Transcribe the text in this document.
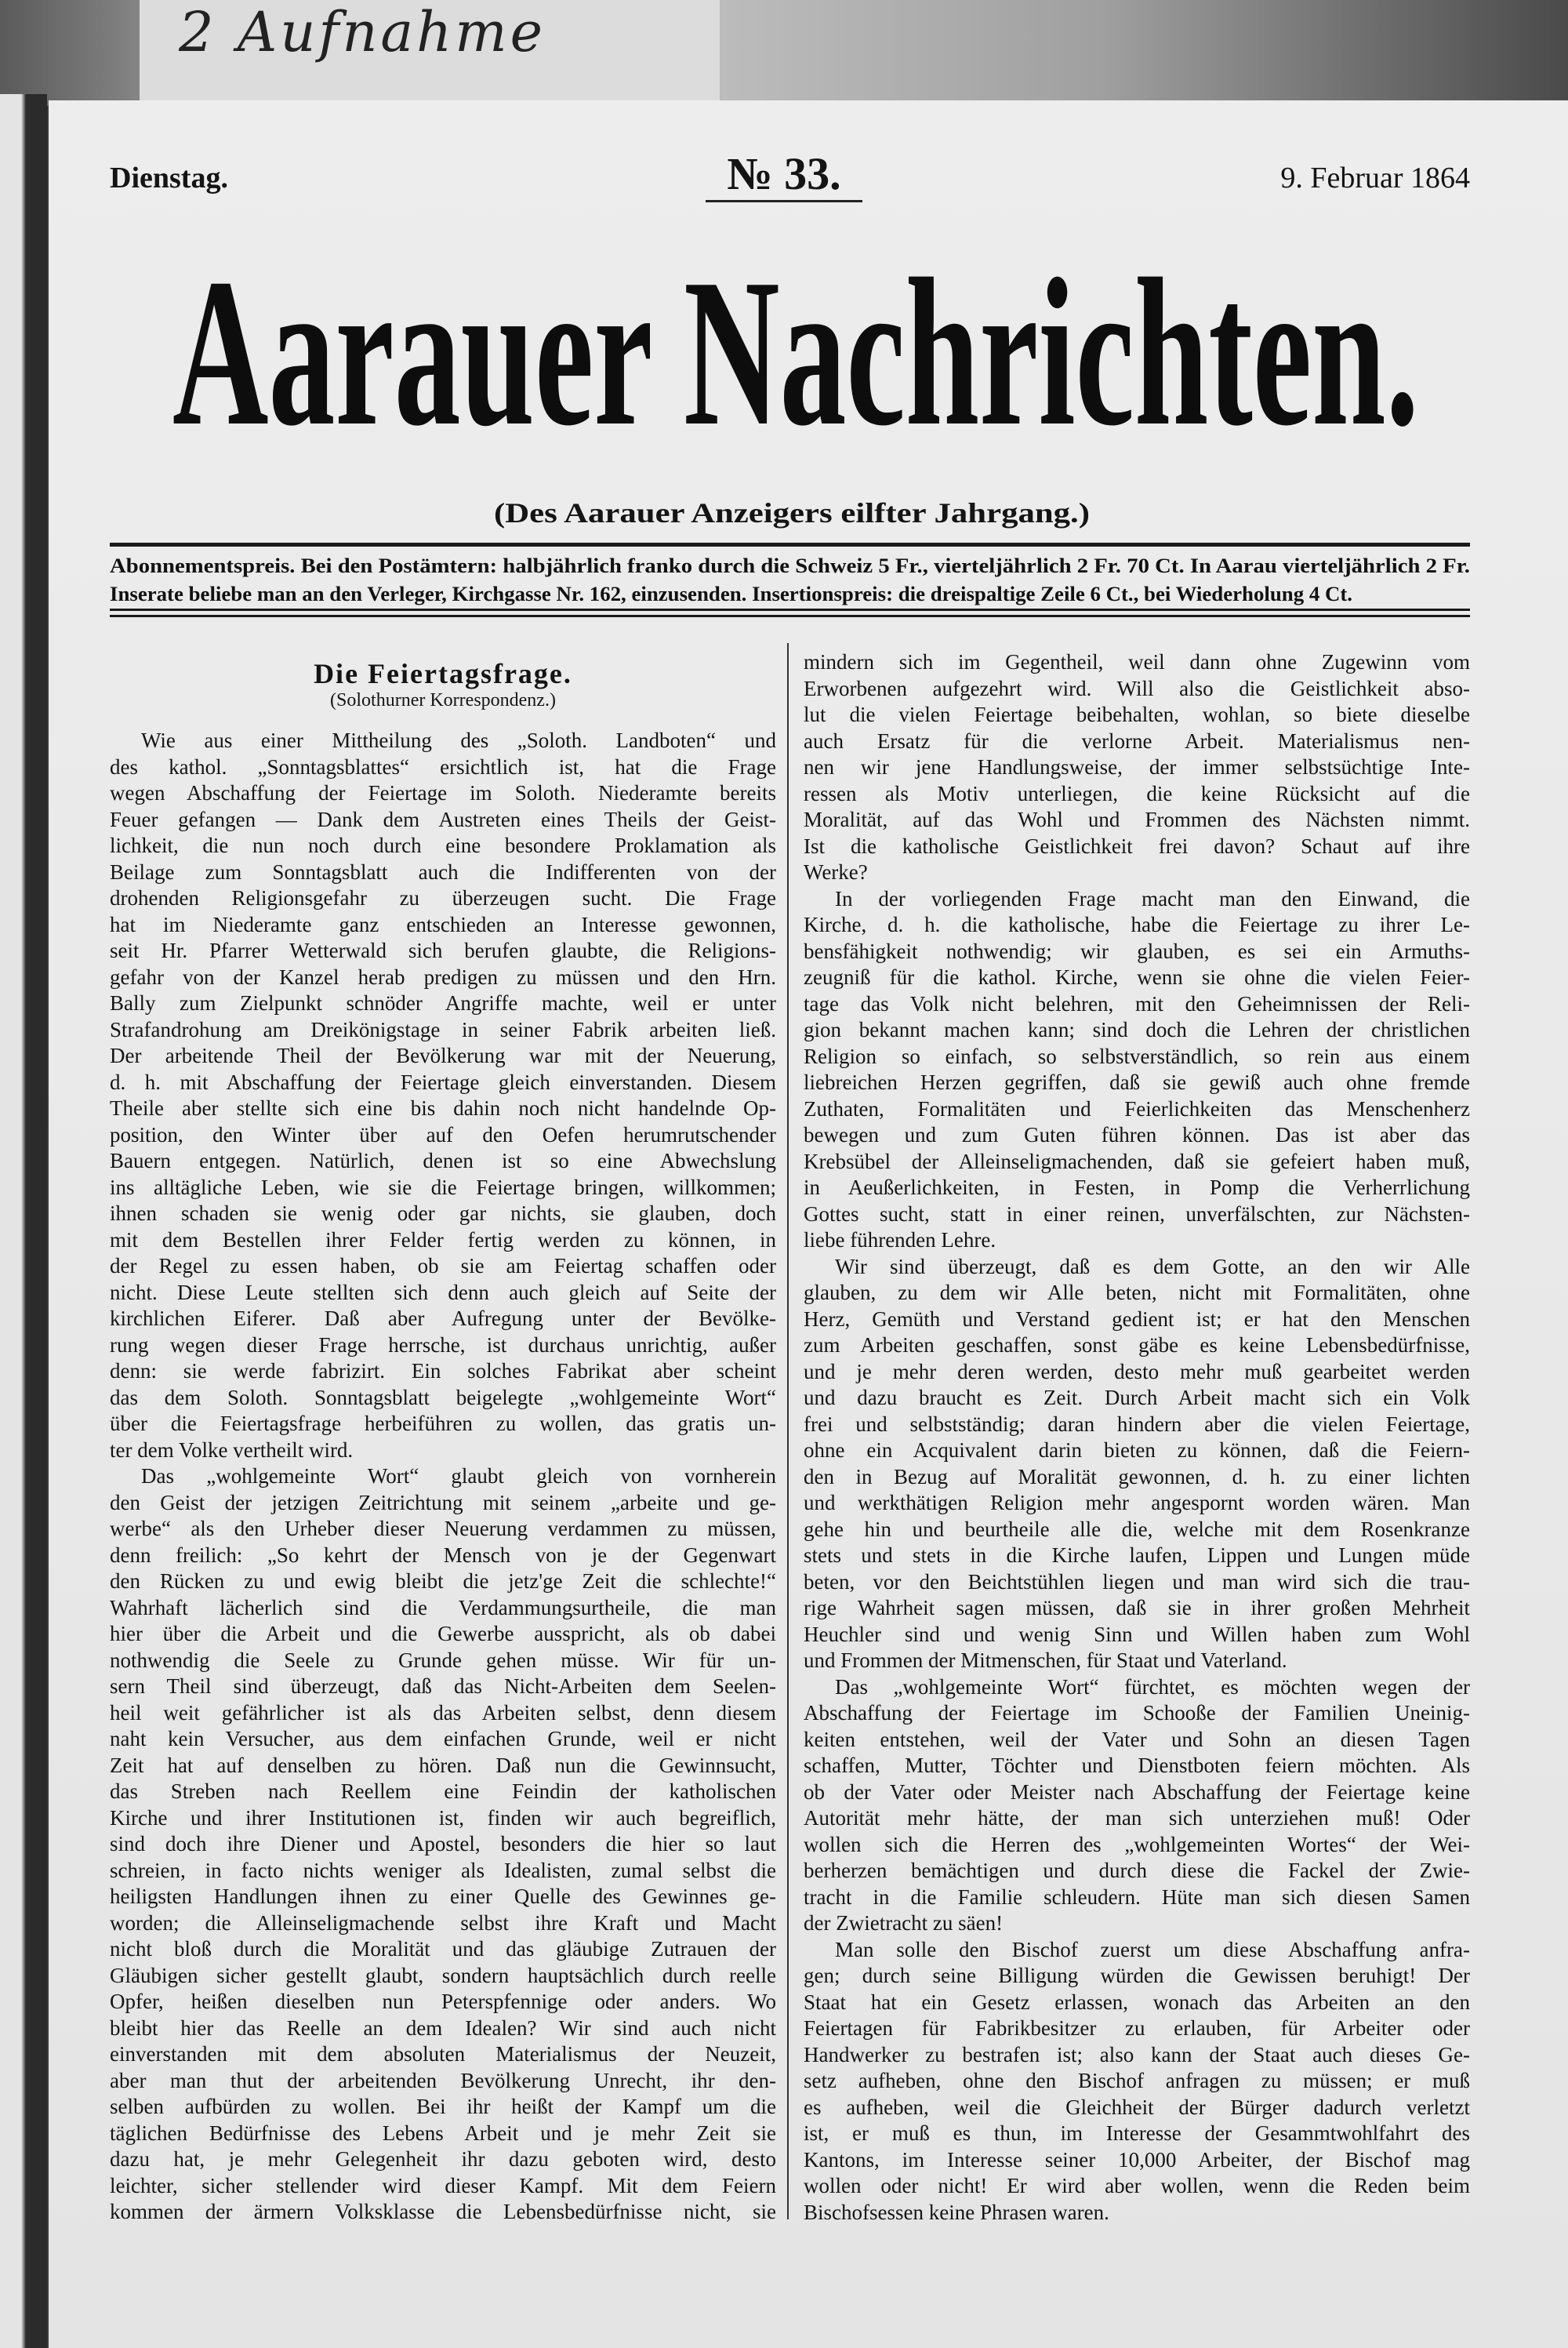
2 Aufnahme
Dienstag.	№ 33.	9. Februar 1864
Aarauer Nachrichten.
(Des Aarauer Anzeigers eilfter Jahrgang.)
Abonnementspreis. Bei den Postämtern: halbjährlich franko durch die Schweiz 5 Fr., vierteljährlich 2 Fr. 70 Ct. In Aarau vierteljährlich 2 Fr.
Inserate beliebe man an den Verleger, Kirchgasse Nr. 162, einzusenden. Insertionspreis: die dreispaltige Zeile 6 Ct., bei Wiederholung 4 Ct.
Die Feiertagsfrage.
(Solothurner Korrespondenz.)
Wie aus einer Mittheilung des „Soloth. Landboten“ und
des kathol. „Sonntagsblattes“ ersichtlich ist, hat die Frage
wegen Abschaffung der Feiertage im Soloth. Niederamte bereits
Feuer gefangen — Dank dem Austreten eines Theils der Geist-
lichkeit, die nun noch durch eine besondere Proklamation als
Beilage zum Sonntagsblatt auch die Indifferenten von der
drohenden Religionsgefahr zu überzeugen sucht. Die Frage
hat im Niederamte ganz entschieden an Interesse gewonnen,
seit Hr. Pfarrer Wetterwald sich berufen glaubte, die Religions-
gefahr von der Kanzel herab predigen zu müssen und den Hrn.
Bally zum Zielpunkt schnöder Angriffe machte, weil er unter
Strafandrohung am Dreikönigstage in seiner Fabrik arbeiten ließ.
Der arbeitende Theil der Bevölkerung war mit der Neuerung,
d. h. mit Abschaffung der Feiertage gleich einverstanden. Diesem
Theile aber stellte sich eine bis dahin noch nicht handelnde Op-
position, den Winter über auf den Oefen herumrutschender
Bauern entgegen. Natürlich, denen ist so eine Abwechslung
ins alltägliche Leben, wie sie die Feiertage bringen, willkommen;
ihnen schaden sie wenig oder gar nichts, sie glauben, doch
mit dem Bestellen ihrer Felder fertig werden zu können, in
der Regel zu essen haben, ob sie am Feiertag schaffen oder
nicht. Diese Leute stellten sich denn auch gleich auf Seite der
kirchlichen Eiferer. Daß aber Aufregung unter der Bevölke-
rung wegen dieser Frage herrsche, ist durchaus unrichtig, außer
denn: sie werde fabrizirt. Ein solches Fabrikat aber scheint
das dem Soloth. Sonntagsblatt beigelegte „wohlgemeinte Wort“
über die Feiertagsfrage herbeiführen zu wollen, das gratis un-
ter dem Volke vertheilt wird.
Das „wohlgemeinte Wort“ glaubt gleich von vornherein
den Geist der jetzigen Zeitrichtung mit seinem „arbeite und ge-
werbe“ als den Urheber dieser Neuerung verdammen zu müssen,
denn freilich: „So kehrt der Mensch von je der Gegenwart
den Rücken zu und ewig bleibt die jetz'ge Zeit die schlechte!“
Wahrhaft lächerlich sind die Verdammungsurtheile, die man
hier über die Arbeit und die Gewerbe ausspricht, als ob dabei
nothwendig die Seele zu Grunde gehen müsse. Wir für un-
sern Theil sind überzeugt, daß das Nicht-Arbeiten dem Seelen-
heil weit gefährlicher ist als das Arbeiten selbst, denn diesem
naht kein Versucher, aus dem einfachen Grunde, weil er nicht
Zeit hat auf denselben zu hören. Daß nun die Gewinnsucht,
das Streben nach Reellem eine Feindin der katholischen
Kirche und ihrer Institutionen ist, finden wir auch begreiflich,
sind doch ihre Diener und Apostel, besonders die hier so laut
schreien, in facto nichts weniger als Idealisten, zumal selbst die
heiligsten Handlungen ihnen zu einer Quelle des Gewinnes ge-
worden; die Alleinseligmachende selbst ihre Kraft und Macht
nicht bloß durch die Moralität und das gläubige Zutrauen der
Gläubigen sicher gestellt glaubt, sondern hauptsächlich durch reelle
Opfer, heißen dieselben nun Peterspfennige oder anders. Wo
bleibt hier das Reelle an dem Idealen? Wir sind auch nicht
einverstanden mit dem absoluten Materialismus der Neuzeit,
aber man thut der arbeitenden Bevölkerung Unrecht, ihr den-
selben aufbürden zu wollen. Bei ihr heißt der Kampf um die
täglichen Bedürfnisse des Lebens Arbeit und je mehr Zeit sie
dazu hat, je mehr Gelegenheit ihr dazu geboten wird, desto
leichter, sicher stellender wird dieser Kampf. Mit dem Feiern
kommen der ärmern Volksklasse die Lebensbedürfnisse nicht, sie
mindern sich im Gegentheil, weil dann ohne Zugewinn vom
Erworbenen aufgezehrt wird. Will also die Geistlichkeit abso-
lut die vielen Feiertage beibehalten, wohlan, so biete dieselbe
auch Ersatz für die verlorne Arbeit. Materialismus nen-
nen wir jene Handlungsweise, der immer selbstsüchtige Inte-
ressen als Motiv unterliegen, die keine Rücksicht auf die
Moralität, auf das Wohl und Frommen des Nächsten nimmt.
Ist die katholische Geistlichkeit frei davon? Schaut auf ihre
Werke?
In der vorliegenden Frage macht man den Einwand, die
Kirche, d. h. die katholische, habe die Feiertage zu ihrer Le-
bensfähigkeit nothwendig; wir glauben, es sei ein Armuths-
zeugniß für die kathol. Kirche, wenn sie ohne die vielen Feier-
tage das Volk nicht belehren, mit den Geheimnissen der Reli-
gion bekannt machen kann; sind doch die Lehren der christlichen
Religion so einfach, so selbstverständlich, so rein aus einem
liebreichen Herzen gegriffen, daß sie gewiß auch ohne fremde
Zuthaten, Formalitäten und Feierlichkeiten das Menschenherz
bewegen und zum Guten führen können. Das ist aber das
Krebsübel der Alleinseligmachenden, daß sie gefeiert haben muß,
in Aeußerlichkeiten, in Festen, in Pomp die Verherrlichung
Gottes sucht, statt in einer reinen, unverfälschten, zur Nächsten-
liebe führenden Lehre.
Wir sind überzeugt, daß es dem Gotte, an den wir Alle
glauben, zu dem wir Alle beten, nicht mit Formalitäten, ohne
Herz, Gemüth und Verstand gedient ist; er hat den Menschen
zum Arbeiten geschaffen, sonst gäbe es keine Lebensbedürfnisse,
und je mehr deren werden, desto mehr muß gearbeitet werden
und dazu braucht es Zeit. Durch Arbeit macht sich ein Volk
frei und selbstständig; daran hindern aber die vielen Feiertage,
ohne ein Acquivalent darin bieten zu können, daß die Feiern-
den in Bezug auf Moralität gewonnen, d. h. zu einer lichten
und werkthätigen Religion mehr angespornt worden wären. Man
gehe hin und beurtheile alle die, welche mit dem Rosenkranze
stets und stets in die Kirche laufen, Lippen und Lungen müde
beten, vor den Beichtstühlen liegen und man wird sich die trau-
rige Wahrheit sagen müssen, daß sie in ihrer großen Mehrheit
Heuchler sind und wenig Sinn und Willen haben zum Wohl
und Frommen der Mitmenschen, für Staat und Vaterland.
Das „wohlgemeinte Wort“ fürchtet, es möchten wegen der
Abschaffung der Feiertage im Schooße der Familien Uneinig-
keiten entstehen, weil der Vater und Sohn an diesen Tagen
schaffen, Mutter, Töchter und Dienstboten feiern möchten. Als
ob der Vater oder Meister nach Abschaffung der Feiertage keine
Autorität mehr hätte, der man sich unterziehen muß! Oder
wollen sich die Herren des „wohlgemeinten Wortes“ der Wei-
berherzen bemächtigen und durch diese die Fackel der Zwie-
tracht in die Familie schleudern. Hüte man sich diesen Samen
der Zwietracht zu säen!
Man solle den Bischof zuerst um diese Abschaffung anfra-
gen; durch seine Billigung würden die Gewissen beruhigt! Der
Staat hat ein Gesetz erlassen, wonach das Arbeiten an den
Feiertagen für Fabrikbesitzer zu erlauben, für Arbeiter oder
Handwerker zu bestrafen ist; also kann der Staat auch dieses Ge-
setz aufheben, ohne den Bischof anfragen zu müssen; er muß
es aufheben, weil die Gleichheit der Bürger dadurch verletzt
ist, er muß es thun, im Interesse der Gesammtwohlfahrt des
Kantons, im Interesse seiner 10,000 Arbeiter, der Bischof mag
wollen oder nicht! Er wird aber wollen, wenn die Reden beim
Bischofsessen keine Phrasen waren.
